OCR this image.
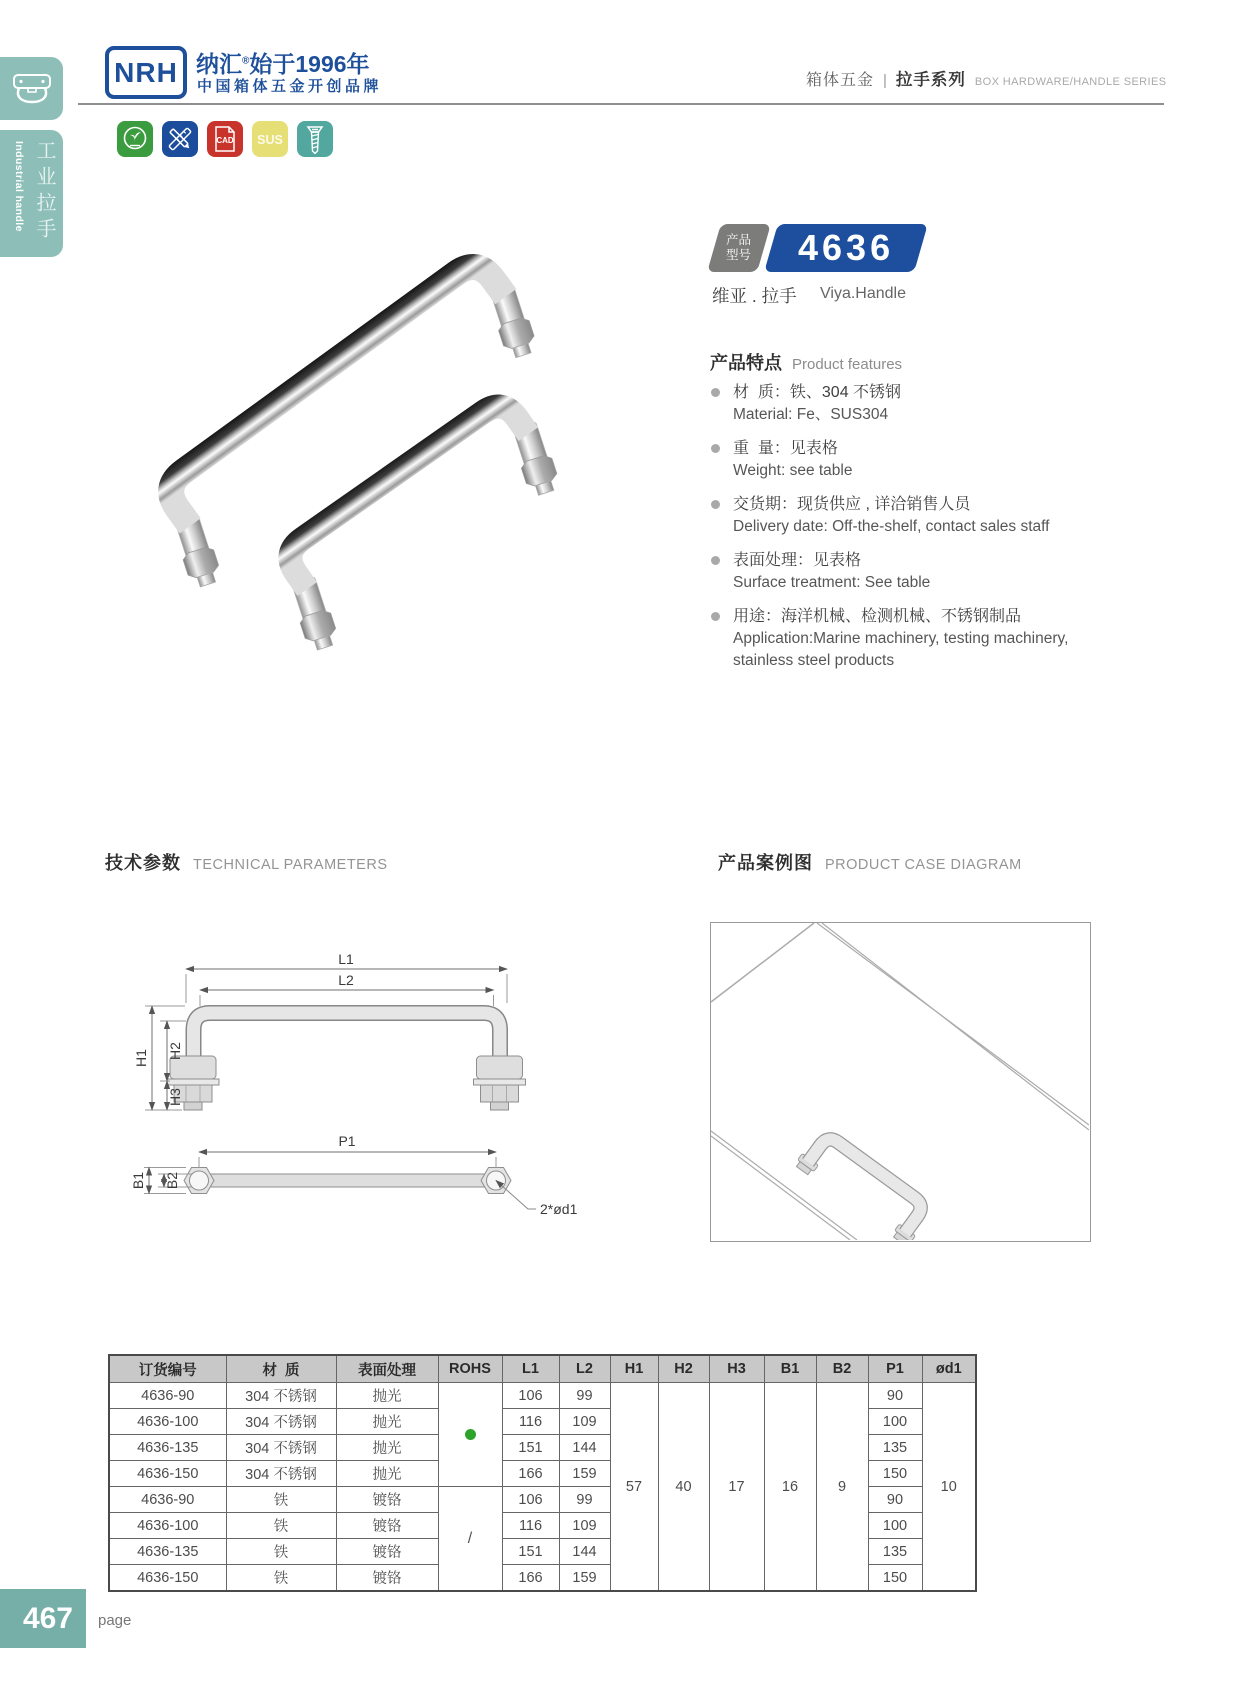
工业拉手
Industrial handle
NRH 纳汇®始于1996年
中国箱体五金开创品牌	箱体五金 | 拉手系列 BOX HARDWARE/HANDLE SERIES
CAD SUS
产品
型号 4636
维亚 . 拉手 Viya.Handle
产品特点 Product features
材  质：铁、304 不锈钢
Material: Fe、SUS304
重  量：见表格
Weight: see table
交货期：现货供应 , 详洽销售人员
Delivery date: Off-the-shelf, contact sales staff
表面处理：见表格
Surface treatment: See table
用途：海洋机械、检测机械、不锈钢制品
Application:Marine machinery, testing machinery, stainless steel products
技术参数 TECHNICAL PARAMETERS	产品案例图 PRODUCT CASE DIAGRAM
L1
L2
H1 H2
H3
P1
B1 B2
2*ød1
订货编号	材  质	表面处理	ROHS	L1	L2	H1	H2	H3	B1	B2	P1	ød1
4636-90	304 不锈钢	抛光		106	99	57	40	17	16	9	90	10
4636-100	304 不锈钢	抛光		116	109						100	
4636-135	304 不锈钢	抛光		151	144						135	
4636-150	304 不锈钢	抛光		166	159						150	
4636-90	铁	镀铬	/	106	99						90	
4636-100	铁	镀铬		116	109						100	
4636-135	铁	镀铬		151	144						135	
4636-150	铁	镀铬		166	159						150	
467	page
